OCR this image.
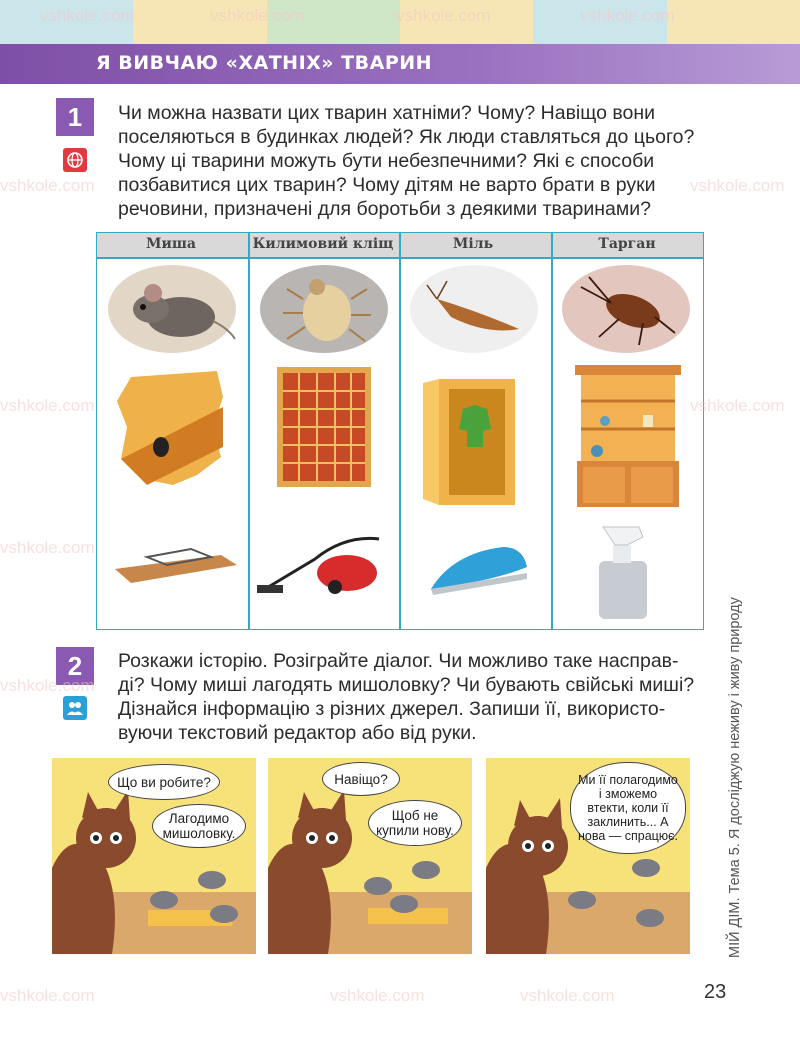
Я ВИВЧАЮ «ХАТНІХ» ТВАРИН
1	Чи можна назвати цих тварин хатніми? Чому? Навіщо вони
поселяються в будинках людей? Як люди ставляться до цього?
Чому ці тварини можуть бути небезпечними? Які є способи
позбавитися цих тварин? Чому дітям не варто брати в руки
речовини, призначені для боротьби з деякими тваринами?
Миша	Килимовий кліщ	Міль	Тарган
2	Розкажи історію. Розіграйте діалог. Чи можливо таке насправ-
ді? Чому миші лагодять мишоловку? Чи бувають свійські миші?
Дізнайся інформацію з різних джерел. Запиши її, використо-
вуючи текстовий редактор або від руки.
Що ви робите?
Лагодимо мишоловку.
Навіщо?
Щоб не купили нову.
Ми її полагодимо і зможемо втекти, коли її заклинить... А нова — спрацює.	МІЙ ДІМ. Тема 5. Я досліджую неживу і живу природу
23
vshkole.com	vshkole.com	vshkole.com	vshkole.com
vshkole.com	vshkole.com
vshkole.com	vshkole.com
vshkole.com
vshkole.com
vshkole.com	vshkole.com	vshkole.com
